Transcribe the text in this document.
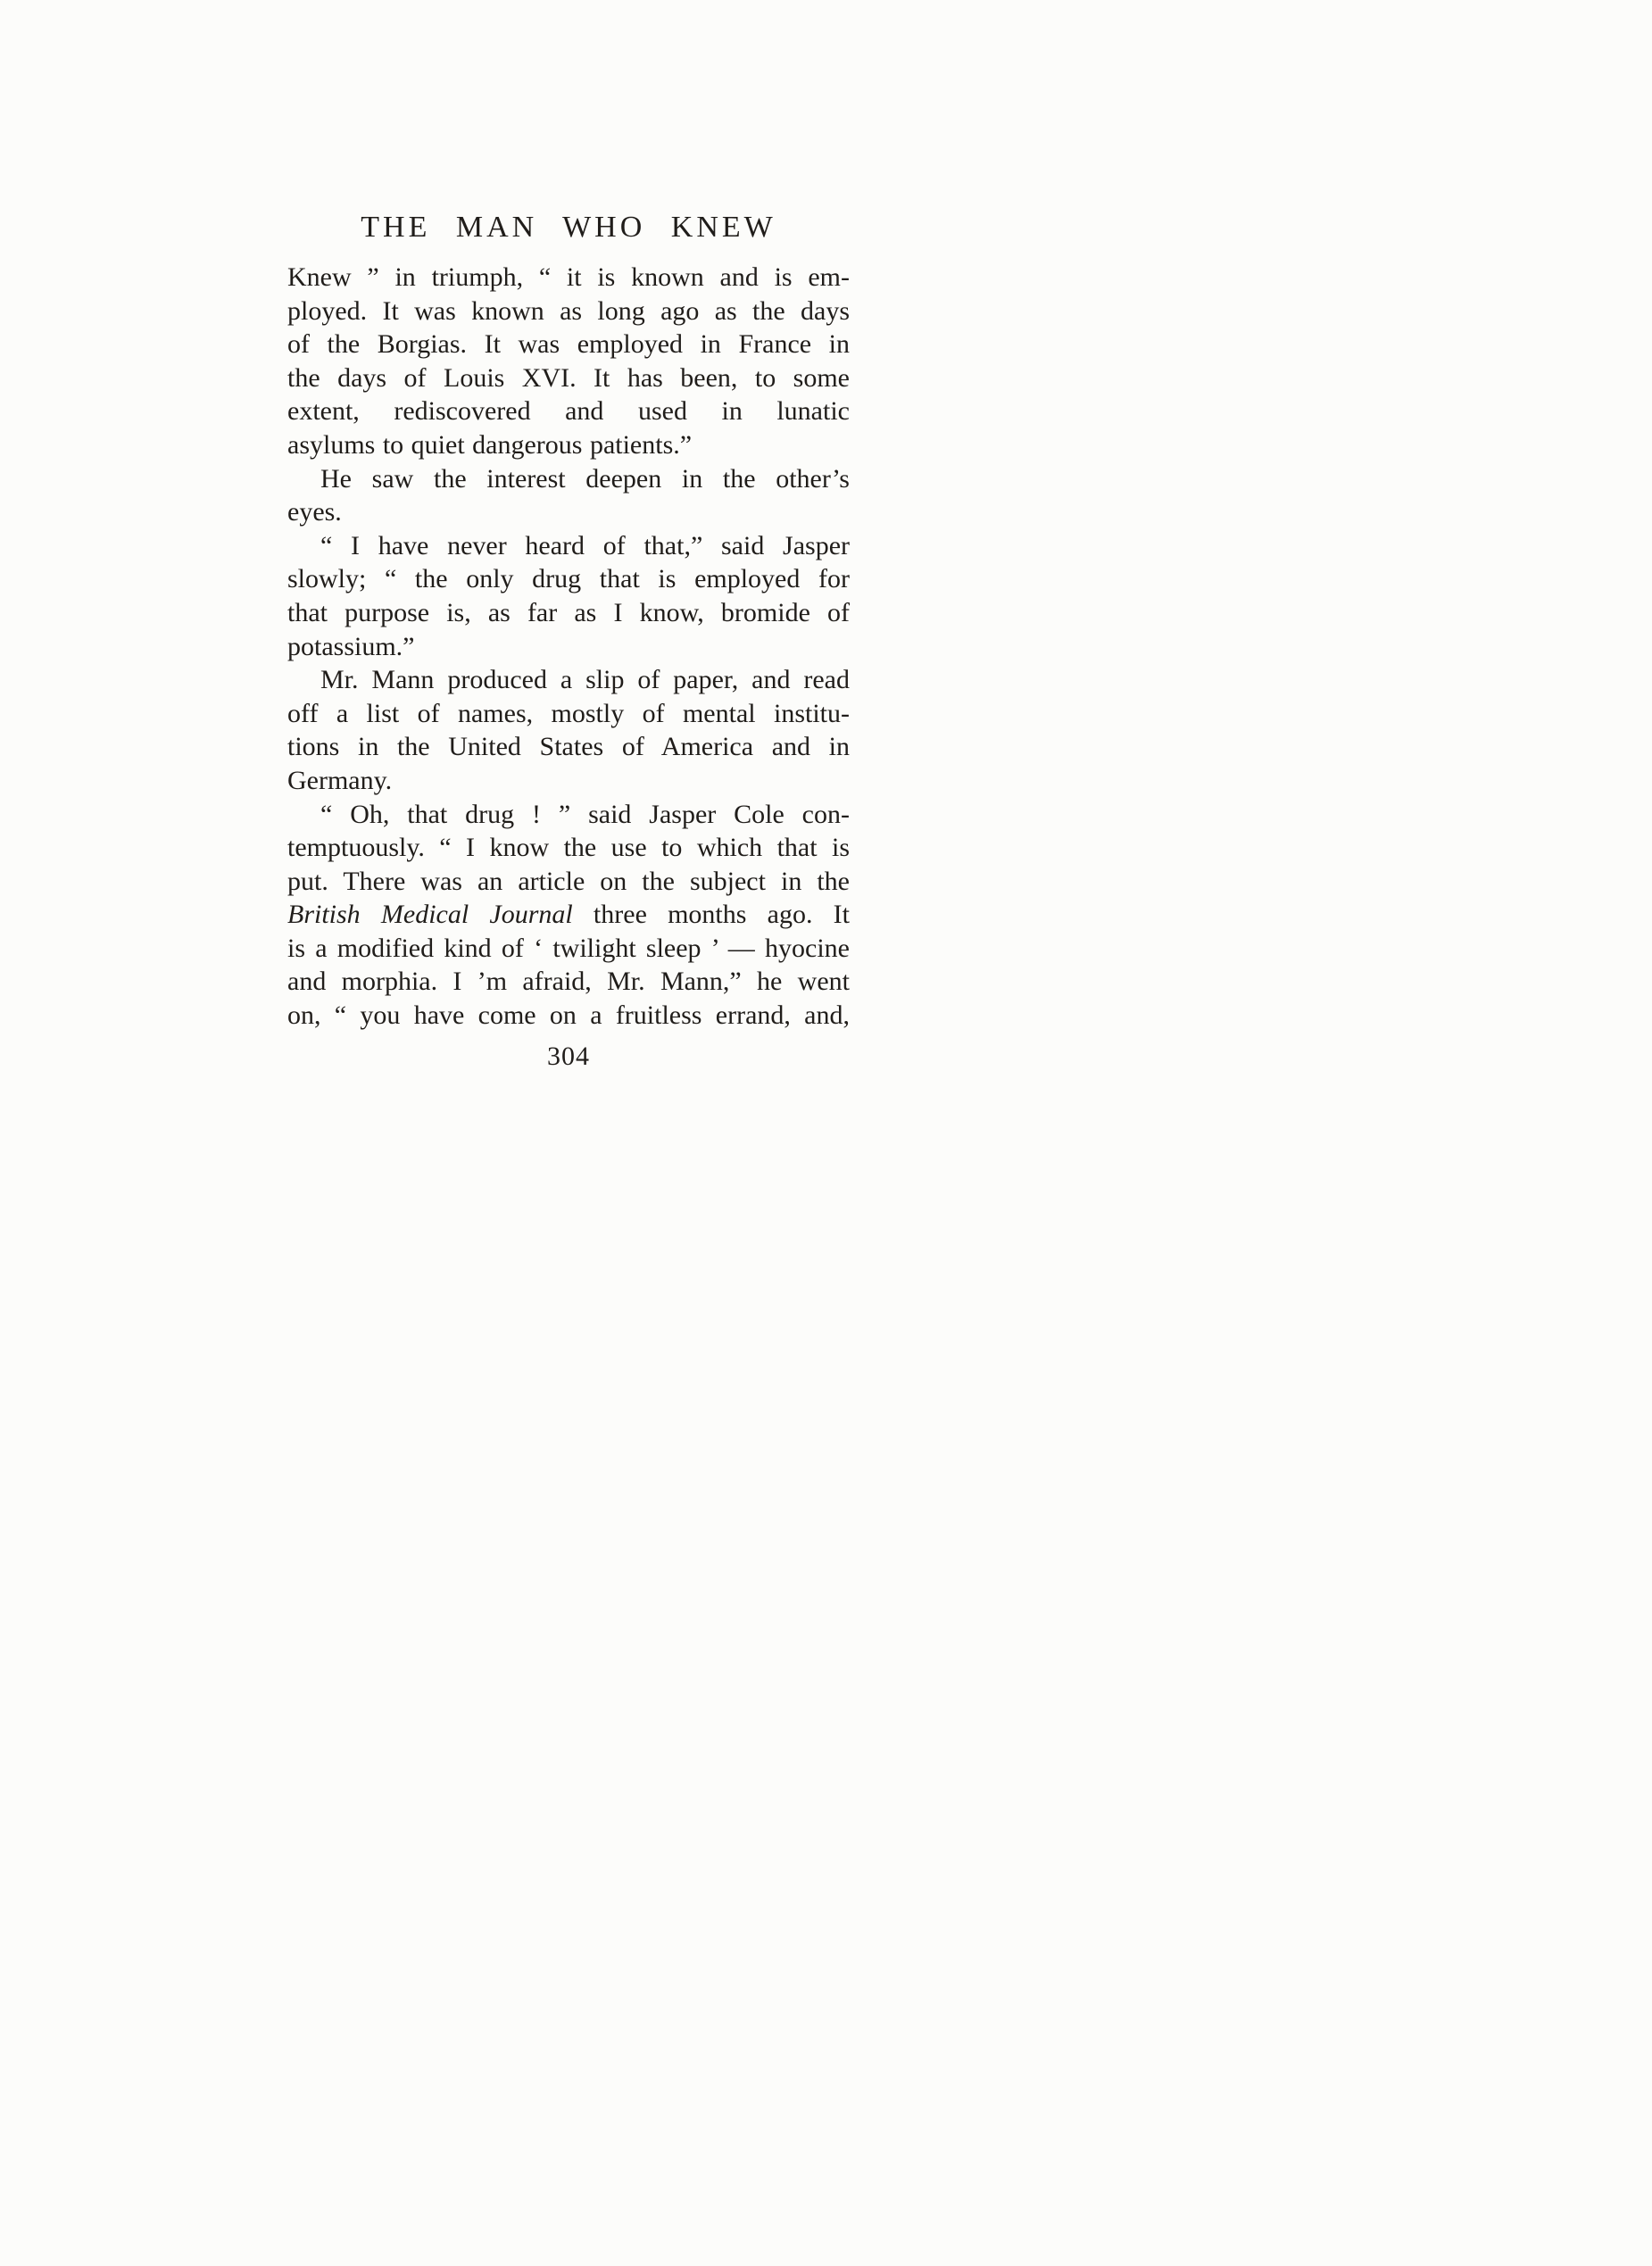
THE MAN WHO KNEW
Knew ” in triumph, “ it is known and is em-
ployed. It was known as long ago as the days
of the Borgias. It was employed in France in
the days of Louis XVI. It has been, to some
extent, rediscovered and used in lunatic
asylums to quiet dangerous patients.”
He saw the interest deepen in the other’s
eyes.
“ I have never heard of that,” said Jasper
slowly; “ the only drug that is employed for
that purpose is, as far as I know, bromide of
potassium.”
Mr. Mann produced a slip of paper, and read
off a list of names, mostly of mental institu-
tions in the United States of America and in
Germany.
“ Oh, that drug ! ” said Jasper Cole con-
temptuously. “ I know the use to which that is
put. There was an article on the subject in the
British Medical Journal three months ago. It
is a modified kind of ‘ twilight sleep ’ — hyocine
and morphia. I ’m afraid, Mr. Mann,” he went
on, “ you have come on a fruitless errand, and,
304
